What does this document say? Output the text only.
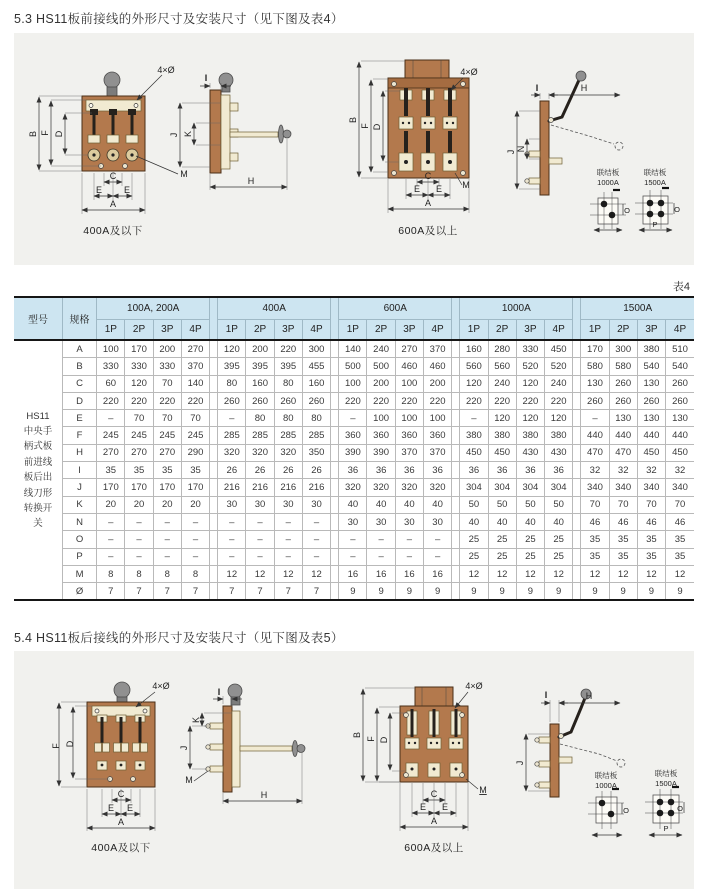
5.3 HS11板前接线的外形尺寸及安装尺寸（见下图及表4）
B F D
C
E E
A
M
4×Ø
400A及以下
I
K
J
H
B
F D
C
E E
A
M
4×Ø
600A及以上
I	H
J N
联结板
1000A
联结板
1500A
O	O
P
表4
型号	规格	100A, 200A					400A					600A					1000A					1500A			
		1P	2P	3P	4P		1P	2P	3P	4P		1P	2P	3P	4P		1P	2P	3P	4P		1P	2P	3P	4P

HS11
中央手
柄式板
前进线
板后出
线刀形
转换开
关
	A	100	170	200	270		120	200	220	300		140	240	270	370		160	280	330	450		170	300	380	510
	B	330	330	330	370		395	395	395	455		500	500	460	460		560	560	520	520		580	580	540	540
	C	60	120	70	140		80	160	80	160		100	200	100	200		120	240	120	240		130	260	130	260
	D	220	220	220	220		260	260	260	260		220	220	220	220		220	220	220	220		260	260	260	260
	E	–	70	70	70		–	80	80	80		–	100	100	100		–	120	120	120		–	130	130	130
	F	245	245	245	245		285	285	285	285		360	360	360	360		380	380	380	380		440	440	440	440
	H	270	270	270	290		320	320	320	350		390	390	370	370		450	450	430	430		470	470	450	450
	I	35	35	35	35		26	26	26	26		36	36	36	36		36	36	36	36		32	32	32	32
	J	170	170	170	170		216	216	216	216		320	320	320	320		304	304	304	304		340	340	340	340
	K	20	20	20	20		30	30	30	30		40	40	40	40		50	50	50	50		70	70	70	70
	N	–	–	–	–		–	–	–	–		30	30	30	30		40	40	40	40		46	46	46	46
	O	–	–	–	–		–	–	–	–		–	–	–	–		25	25	25	25		35	35	35	35
	P	–	–	–	–		–	–	–	–		–	–	–	–		25	25	25	25		35	35	35	35
	M	8	8	8	8		12	12	12	12		16	16	16	16		12	12	12	12		12	12	12	12
	Ø	7	7	7	7		7	7	7	7		9	9	9	9		9	9	9	9		9	9	9	9
5.4 HS11板后接线的外形尺寸及安装尺寸（见下图及表5）
F D
C
E E
A
4×Ø
400A及以下
I
K
J
M
H
B
F D
C
E E
A
M
4×Ø
600A及以上
I	H
J
联结板
1000A
联结板
1500A
O	O
P
